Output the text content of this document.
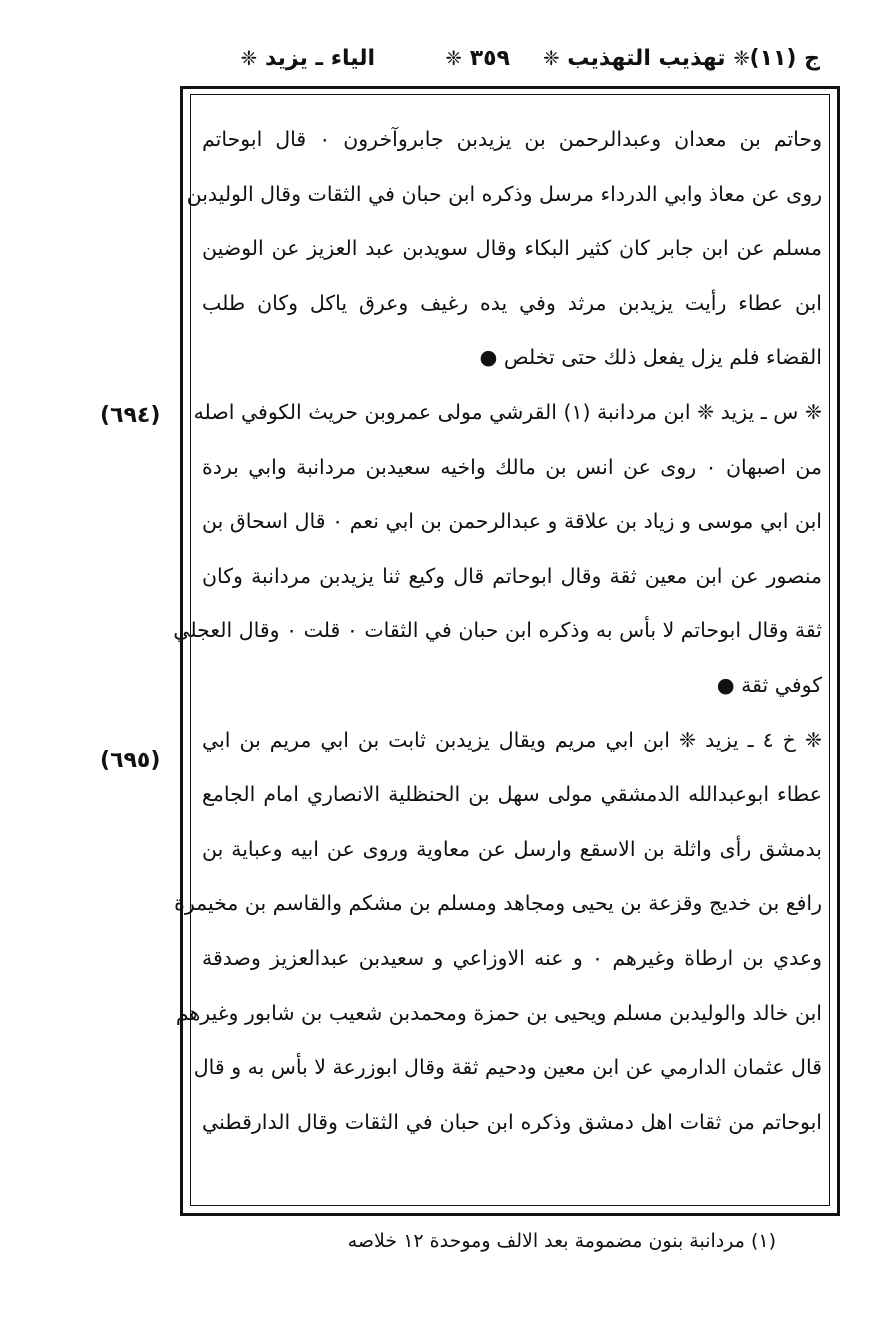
ج (١١)
❈ تهذيب التهذيب ❈
٣٥٩ ❈
الياء ـ يزيد ❈
وحاتم بن معدان وعبدالرحمن بن يزيدبن جابروآخرون ٠ قال ابوحاتم
روى عن معاذ وابي الدرداء مرسل وذكره ابن حبان في الثقات وقال الوليدبن
مسلم عن ابن جابر كان كثير البكاء وقال سويدبن عبد العزيز عن الوضين
ابن عطاء رأيت يزيدبن مرثد وفي يده رغيف وعرق ياكل وكان طلب
القضاء فلم يزل يفعل ذلك حتى تخلص ●
❈ س ـ يزيد ❈ ابن مردانبة (١) القرشي مولى عمروبن حريث الكوفي اصله
من اصبهان ٠ روى عن انس بن مالك واخيه سعيدبن مردانبة وابي بردة
ابن ابي موسى و زياد بن علاقة و عبدالرحمن بن ابي نعم ٠ قال اسحاق بن
منصور عن ابن معين ثقة وقال ابوحاتم قال وكيع ثنا يزيدبن مردانبة وكان
ثقة وقال ابوحاتم لا بأس به وذكره ابن حبان في الثقات ٠ قلت ٠ وقال العجلي
كوفي ثقة ●
❈ خ ٤ ـ يزيد ❈ ابن ابي مريم ويقال يزيدبن ثابت بن ابي مريم بن ابي
عطاء ابوعبدالله الدمشقي مولى سهل بن الحنظلية الانصاري امام الجامع
بدمشق رأى واثلة بن الاسقع وارسل عن معاوية وروى عن ابيه وعباية بن
رافع بن خديج وقزعة بن يحيى ومجاهد ومسلم بن مشكم والقاسم بن مخيمرة
وعدي بن ارطاة وغيرهم ٠ و عنه الاوزاعي و سعيدبن عبدالعزيز وصدقة
ابن خالد والوليدبن مسلم ويحيى بن حمزة ومحمدبن شعيب بن شابور وغيرهم
قال عثمان الدارمي عن ابن معين ودحيم ثقة وقال ابوزرعة لا بأس به و قال
ابوحاتم من ثقات اهل دمشق وذكره ابن حبان في الثقات وقال الدارقطني
(٦٩٤)
(٦٩٥)
(١) مردانبة بنون مضمومة بعد الالف وموحدة ١٢ خلاصه
